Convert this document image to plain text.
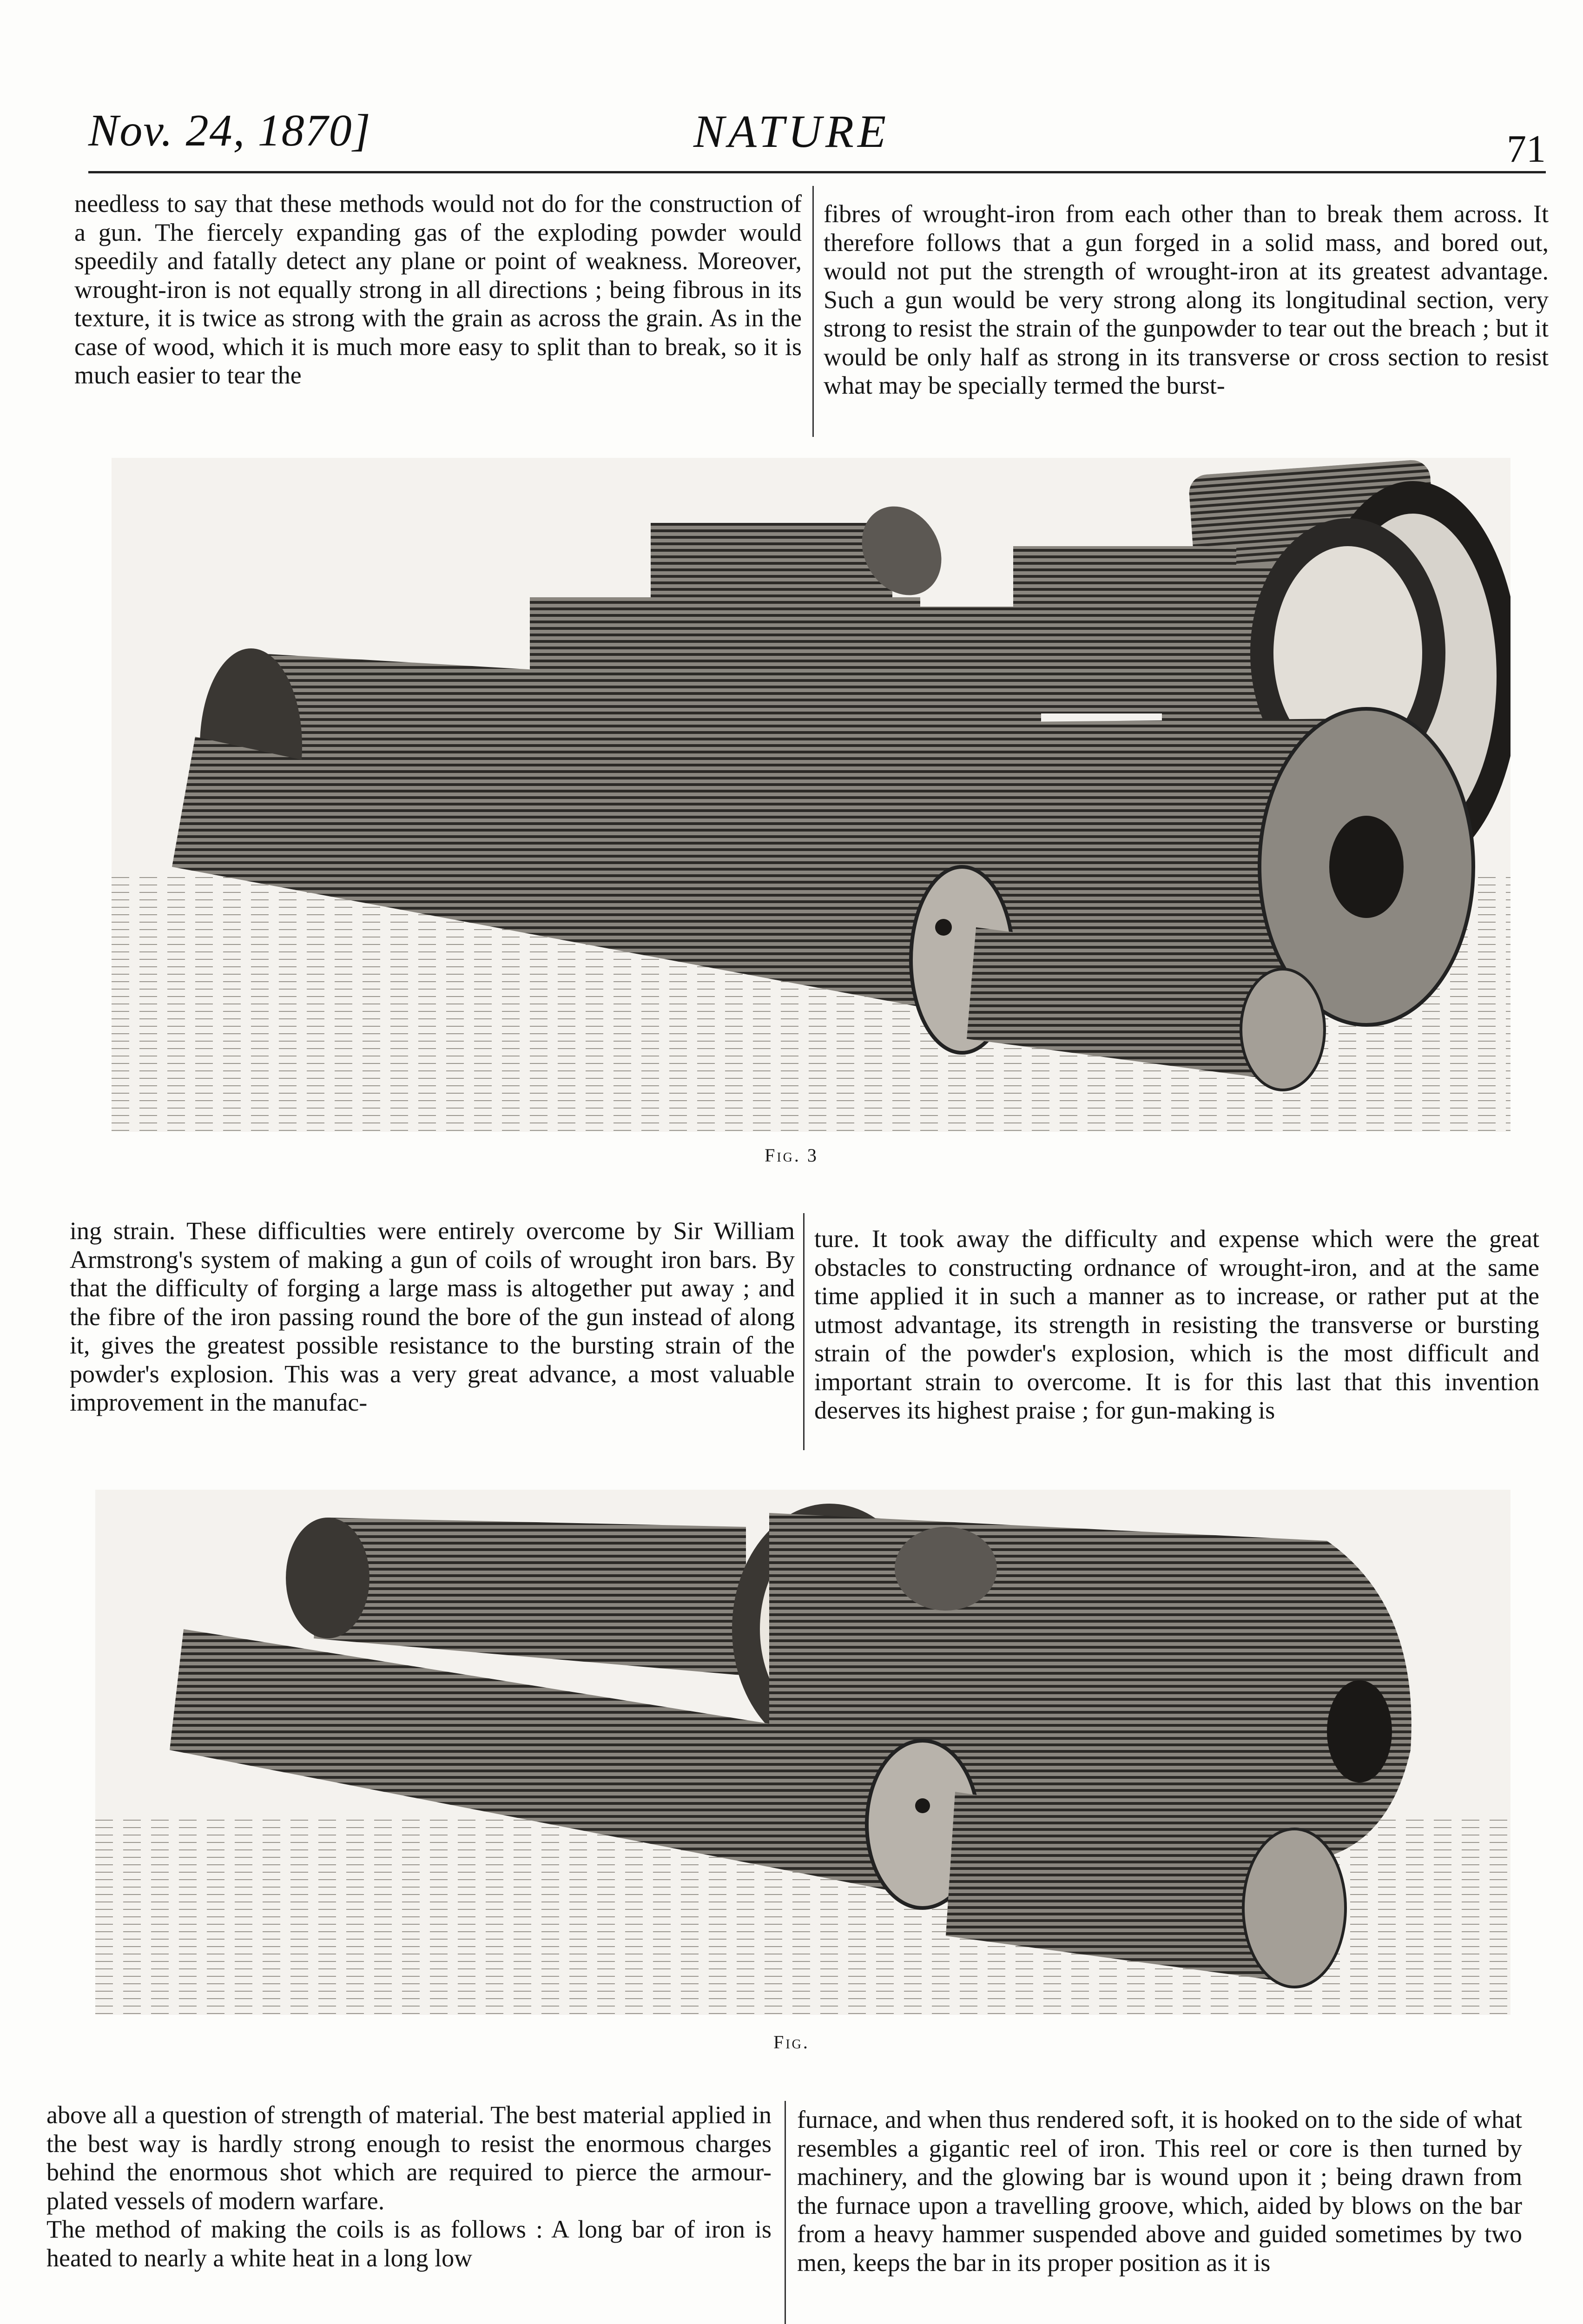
Nov. 24, 1870]	NATURE	71

needless to say that these methods would not do for the construction of a gun. The fiercely expanding gas of the exploding powder would speedily and fatally detect any plane or point of weakness. Moreover, wrought-iron is not equally strong in all directions ; being fibrous in its texture, it is twice as strong with the grain as across the grain. As in the case of wood, which it is much more easy to split than to break, so it is much easier to tear the

fibres of wrought-iron from each other than to break them across. It therefore follows that a gun forged in a solid mass, and bored out, would not put the strength of wrought-iron at its greatest advantage. Such a gun would be very strong along its longitudinal section, very strong to resist the strain of the gunpowder to tear out the breach ; but it would be only half as strong in its transverse or cross section to resist what may be specially termed the burst-

Fig. 3

ing strain. These difficulties were entirely overcome by Sir William Armstrong's system of making a gun of coils of wrought iron bars. By that the difficulty of forging a large mass is altogether put away ; and the fibre of the iron passing round the bore of the gun instead of along it, gives the greatest possible resistance to the bursting strain of the powder's explosion. This was a very great advance, a most valuable improvement in the manufac-

ture. It took away the difficulty and expense which were the great obstacles to constructing ordnance of wrought-iron, and at the same time applied it in such a manner as to increase, or rather put at the utmost advantage, its strength in resisting the transverse or bursting strain of the powder's explosion, which is the most difficult and important strain to overcome. It is for this last that this invention deserves its highest praise ; for gun-making is

Fig.

above all a question of strength of material. The best material applied in the best way is hardly strong enough to resist the enormous charges behind the enormous shot which are required to pierce the armour-plated vessels of modern warfare.

The method of making the coils is as follows : A long bar of iron is heated to nearly a white heat in a long low

furnace, and when thus rendered soft, it is hooked on to the side of what resembles a gigantic reel of iron. This reel or core is then turned by machinery, and the glowing bar is wound upon it ; being drawn from the furnace upon a travelling groove, which, aided by blows on the bar from a heavy hammer suspended above and guided sometimes by two men, keeps the bar in its proper position as it is
